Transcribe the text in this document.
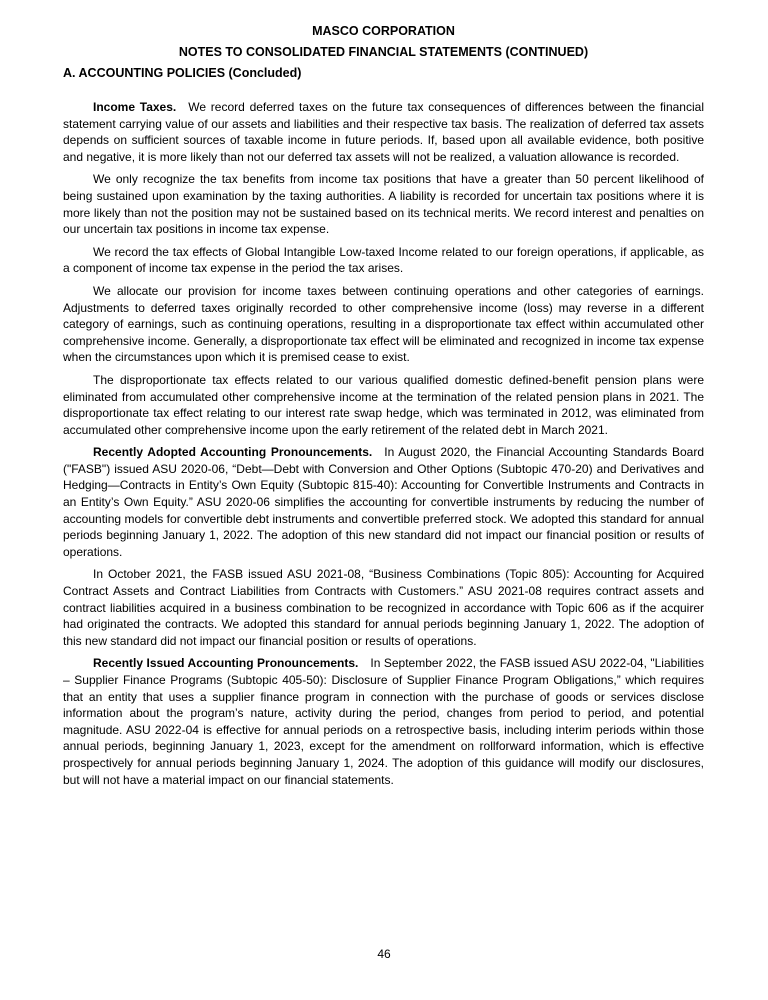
MASCO CORPORATION

NOTES TO CONSOLIDATED FINANCIAL STATEMENTS (CONTINUED)

A. ACCOUNTING POLICIES (Concluded)

Income Taxes. We record deferred taxes on the future tax consequences of differences between the financial statement carrying value of our assets and liabilities and their respective tax basis. The realization of deferred tax assets depends on sufficient sources of taxable income in future periods. If, based upon all available evidence, both positive and negative, it is more likely than not our deferred tax assets will not be realized, a valuation allowance is recorded.

We only recognize the tax benefits from income tax positions that have a greater than 50 percent likelihood of being sustained upon examination by the taxing authorities. A liability is recorded for uncertain tax positions where it is more likely than not the position may not be sustained based on its technical merits. We record interest and penalties on our uncertain tax positions in income tax expense.

We record the tax effects of Global Intangible Low-taxed Income related to our foreign operations, if applicable, as a component of income tax expense in the period the tax arises.

We allocate our provision for income taxes between continuing operations and other categories of earnings. Adjustments to deferred taxes originally recorded to other comprehensive income (loss) may reverse in a different category of earnings, such as continuing operations, resulting in a disproportionate tax effect within accumulated other comprehensive income. Generally, a disproportionate tax effect will be eliminated and recognized in income tax expense when the circumstances upon which it is premised cease to exist.

The disproportionate tax effects related to our various qualified domestic defined-benefit pension plans were eliminated from accumulated other comprehensive income at the termination of the related pension plans in 2021. The disproportionate tax effect relating to our interest rate swap hedge, which was terminated in 2012, was eliminated from accumulated other comprehensive income upon the early retirement of the related debt in March 2021.

Recently Adopted Accounting Pronouncements. In August 2020, the Financial Accounting Standards Board ("FASB") issued ASU 2020-06, “Debt—Debt with Conversion and Other Options (Subtopic 470-20) and Derivatives and Hedging—Contracts in Entity’s Own Equity (Subtopic 815-40): Accounting for Convertible Instruments and Contracts in an Entity’s Own Equity.” ASU 2020-06 simplifies the accounting for convertible instruments by reducing the number of accounting models for convertible debt instruments and convertible preferred stock. We adopted this standard for annual periods beginning January 1, 2022. The adoption of this new standard did not impact our financial position or results of operations.

In October 2021, the FASB issued ASU 2021-08, “Business Combinations (Topic 805): Accounting for Acquired Contract Assets and Contract Liabilities from Contracts with Customers.” ASU 2021-08 requires contract assets and contract liabilities acquired in a business combination to be recognized in accordance with Topic 606 as if the acquirer had originated the contracts. We adopted this standard for annual periods beginning January 1, 2022. The adoption of this new standard did not impact our financial position or results of operations.

Recently Issued Accounting Pronouncements. In September 2022, the FASB issued ASU 2022-04, "Liabilities – Supplier Finance Programs (Subtopic 405-50): Disclosure of Supplier Finance Program Obligations,” which requires that an entity that uses a supplier finance program in connection with the purchase of goods or services disclose information about the program’s nature, activity during the period, changes from period to period, and potential magnitude. ASU 2022-04 is effective for annual periods on a retrospective basis, including interim periods within those annual periods, beginning January 1, 2023, except for the amendment on rollforward information, which is effective prospectively for annual periods beginning January 1, 2024. The adoption of this guidance will modify our disclosures, but will not have a material impact on our financial statements.

46
